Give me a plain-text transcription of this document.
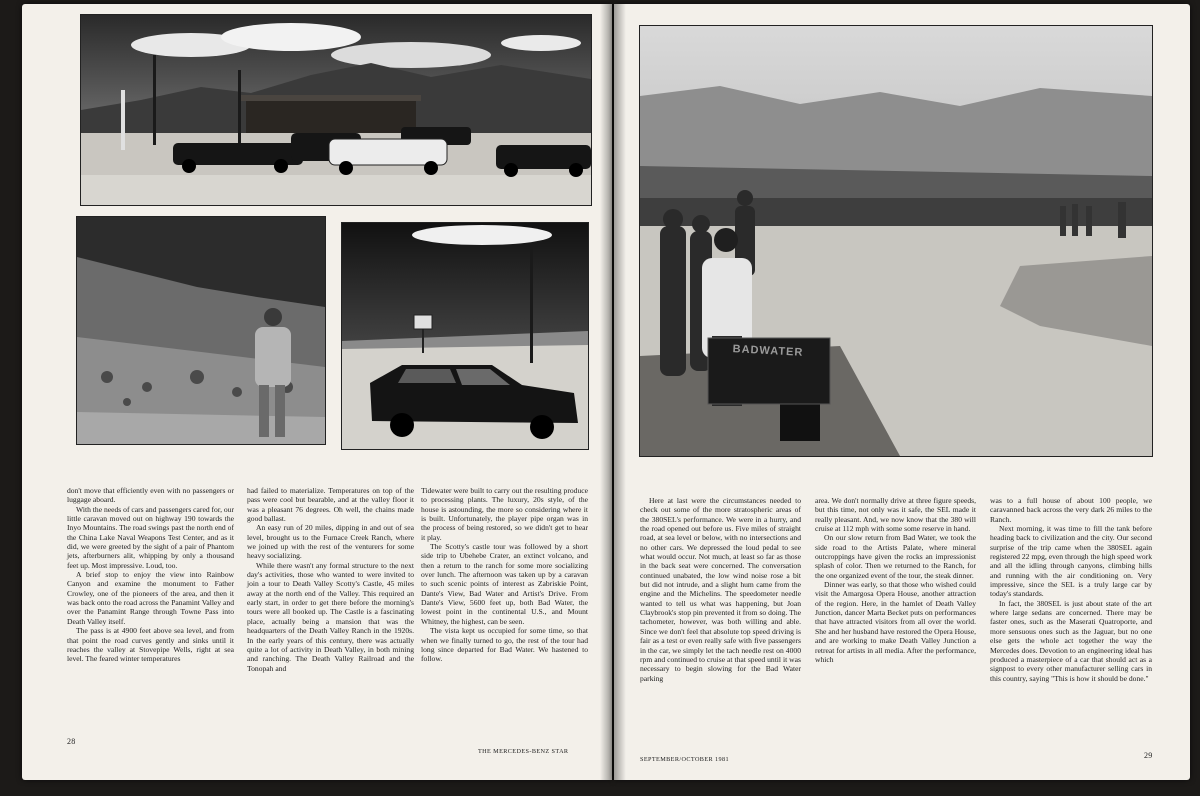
BADWATER

don't move that efficiently even with no passengers or luggage aboard.

With the needs of cars and passengers cared for, our little caravan moved out on highway 190 towards the Inyo Mountains. The road swings past the north end of the China Lake Naval Weapons Test Center, and as it did, we were greeted by the sight of a pair of Phantom jets, afterburners alit, whipping by only a thousand feet up. Most impressive. Loud, too.

A brief stop to enjoy the view into Rainbow Canyon and examine the monument to Father Crowley, one of the pioneers of the area, and then it was back onto the road across the Panamint Valley and over the Panamint Range through Towne Pass into Death Valley itself.

The pass is at 4900 feet above sea level, and from that point the road curves gently and sinks until it reaches the valley at Stovepipe Wells, right at sea level. The feared winter temperatures

had failed to materialize. Temperatures on top of the pass were cool but bearable, and at the valley floor it was a pleasant 76 degrees. Oh well, the chains made good ballast.

An easy run of 20 miles, dipping in and out of sea level, brought us to the Furnace Creek Ranch, where we joined up with the rest of the venturers for some heavy socializing.

While there wasn't any formal structure to the next day's activities, those who wanted to were invited to join a tour to Death Valley Scotty's Castle, 45 miles away at the north end of the Valley. This required an early start, in order to get there before the morning's tours were all booked up. The Castle is a fascinating place, actually being a mansion that was the headquarters of the Death Valley Ranch in the 1920s. In the early years of this century, there was actually quite a lot of activity in Death Valley, in both mining and ranching. The Death Valley Railroad and the Tonopah and

Tidewater were built to carry out the resulting produce to processing plants. The luxury, 20s style, of the house is astounding, the more so considering where it is built. Unfortunately, the player pipe organ was in the process of being restored, so we didn't get to hear it play.

The Scotty's castle tour was followed by a short side trip to Ubehebe Crater, an extinct volcano, and then a return to the ranch for some more socializing over lunch. The afternoon was taken up by a caravan to such scenic points of interest as Zabriskie Point, Dante's View, Bad Water and Artist's Drive. From Dante's View, 5600 feet up, both Bad Water, the lowest point in the continental U.S., and Mount Whitney, the highest, can be seen.

The vista kept us occupied for some time, so that when we finally turned to go, the rest of the tour had long since departed for Bad Water. We hastened to follow.

Here at last were the circumstances needed to check out some of the more stratospheric areas of the 380SEL's performance. We were in a hurry, and the road opened out before us. Five miles of straight road, at sea level or below, with no intersections and no other cars. We depressed the loud pedal to see what would occur. Not much, at least so far as those in the back seat were concerned. The conversation continued unabated, the low wind noise rose a bit but did not intrude, and a slight hum came from the engine and the Michelins. The speedometer needle wanted to tell us what was happening, but Joan Claybrook's stop pin prevented it from so doing. The tachometer, however, was both willing and able. Since we don't feel that absolute top speed driving is fair as a test or even really safe with five passengers in the car, we simply let the tach needle rest on 4000 rpm and continued to cruise at that speed until it was necessary to begin slowing for the Bad Water parking

area. We don't normally drive at three figure speeds, but this time, not only was it safe, the SEL made it really pleasant. And, we now know that the 380 will cruise at 112 mph with some some reserve in hand.

On our slow return from Bad Water, we took the side road to the Artists Palate, where mineral outcroppings have given the rocks an impressionist splash of color. Then we returned to the Ranch, for the one organized event of the tour, the steak dinner.

Dinner was early, so that those who wished could visit the Amargosa Opera House, another attraction of the region. Here, in the hamlet of Death Valley Junction, dancer Marta Becket puts on performances that have attracted visitors from all over the world. She and her husband have restored the Opera House, and are working to make Death Valley Junction a retreat for artists in all media. After the performance, which

was to a full house of about 100 people, we caravanned back across the very dark 26 miles to the Ranch.

Next morning, it was time to fill the tank before heading back to civilization and the city. Our second surprise of the trip came when the 380SEL again registered 22 mpg, even through the high speed work and all the idling through canyons, climbing hills and running with the air conditioning on. Very impressive, since the SEL is a truly large car by today's standards.

In fact, the 380SEL is just about state of the art where large sedans are concerned. There may be faster ones, such as the Maserati Quatroporte, and more sensuous ones such as the Jaguar, but no one else gets the whole act together the way the Mercedes does. Devotion to an engineering ideal has produced a masterpiece of a car that should act as a signpost to every other manufacturer selling cars in this country, saying "This is how it should be done."

28
THE MERCEDES-BENZ STAR
SEPTEMBER/OCTOBER 1981	29
